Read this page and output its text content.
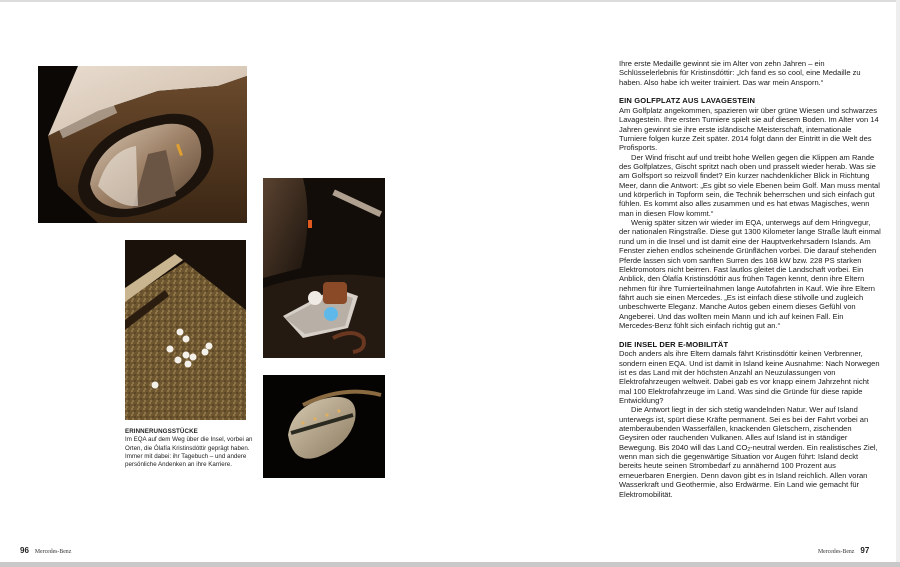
ERINNERUNGSSTÜCKE
Im EQA auf dem Weg über die Insel, vorbei an Orten, die Ólafía Kristinsdóttir geprägt haben. Immer mit dabei: ihr Tagebuch – und andere persönliche Andenken an ihre Karriere.

Ihre erste Medaille gewinnt sie im Alter von zehn Jahren – ein Schlüsselerlebnis für Kristinsdóttir: „Ich fand es so cool, eine Medaille zu haben. Also habe ich weiter trainiert. Das war mein Ansporn.“

EIN GOLFPLATZ AUS LAVAGESTEIN

Am Golfplatz angekommen, spazieren wir über grüne Wiesen und schwarzes Lavagestein. Ihre ersten Turniere spielt sie auf diesem Boden. Im Alter von 14 Jahren gewinnt sie ihre erste isländische Meisterschaft, internationale Turniere folgen kurze Zeit später. 2014 folgt dann der Eintritt in die Welt des Profisports.

Der Wind frischt auf und treibt hohe Wellen gegen die Klippen am Rande des Golfplatzes, Gischt spritzt nach oben und prasselt wieder herab. Was sie am Golfsport so reizvoll findet? Ein kurzer nachdenklicher Blick in Richtung Meer, dann die Antwort: „Es gibt so viele Ebenen beim Golf. Man muss mental und körperlich in Topform sein, die Technik beherrschen und sich einfach gut fühlen. Es kommt also alles zusammen und es hat etwas Magisches, wenn man in diesen Flow kommt.“

Wenig später sitzen wir wieder im EQA, unterwegs auf dem Hringvegur, der nationalen Ringstraße. Diese gut 1300 Kilometer lange Straße läuft einmal rund um in die Insel und ist damit eine der Hauptverkehrsadern Islands. Am Fenster ziehen endlos scheinende Grünflächen vorbei. Die darauf stehenden Pferde lassen sich vom sanften Surren des 168 kW bzw. 228 PS starken Elektromotors nicht beirren. Fast lautlos gleitet die Landschaft vorbei. Ein Anblick, den Ólafía Kristinsdóttir aus frühen Tagen kennt, denn ihre Eltern nehmen für ihre Turnierteilnahmen lange Autofahrten in Kauf. Wie ihre Eltern fährt auch sie einen Mercedes. „Es ist einfach diese stilvolle und zugleich unbeschwerte Eleganz. Manche Autos geben einem dieses Gefühl von Angeberei. Und das wollten mein Mann und ich auf keinen Fall. Ein Mercedes-Benz fühlt sich einfach richtig gut an.“

DIE INSEL DER E-MOBILITÄT

Doch anders als ihre Eltern damals fährt Kristinsdóttir keinen Verbrenner, sondern einen EQA. Und ist damit in Island keine Ausnahme: Nach Norwegen ist es das Land mit der höchsten Anzahl an Neuzulassungen von Elektrofahrzeugen weltweit. Dabei gab es vor knapp einem Jahrzehnt nicht mal 100 Elektrofahrzeuge im Land. Was sind die Gründe für diese rapide Entwicklung?

Die Antwort liegt in der sich stetig wandelnden Natur. Wer auf Island unterwegs ist, spürt diese Kräfte permanent. Sei es bei der Fahrt vorbei an atemberaubenden Wasserfällen, knackenden Gletschern, zischenden Geysiren oder rauchenden Vulkanen. Alles auf Island ist in ständiger Bewegung. Bis 2040 will das Land $CO_2$-neutral werden. Ein realistisches Ziel, wenn man sich die gegenwärtige Situation vor Augen führt: Island deckt bereits heute seinen Strombedarf zu annähernd 100 Prozent aus erneuerbaren Energien. Denn davon gibt es in Island reichlich. Allen voran Wasserkraft und Geothermie, also Erdwärme. Ein Land wie gemacht für Elektromobilität.

96 Mercedes-Benz	Mercedes-Benz 97
